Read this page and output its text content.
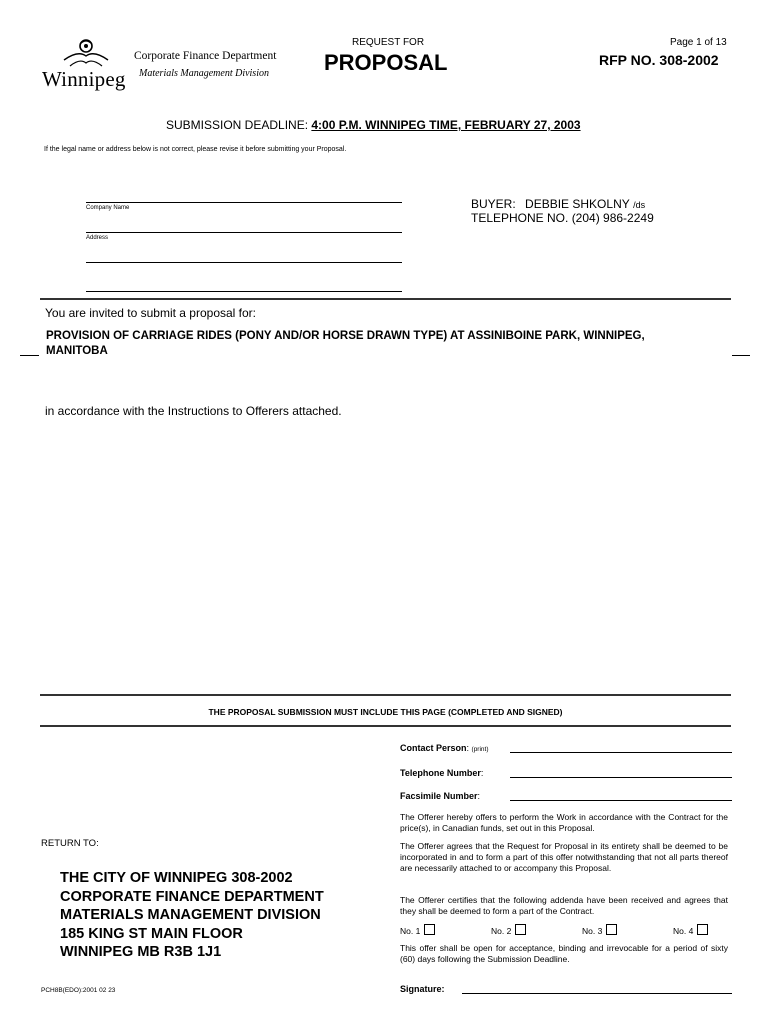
Winnipeg
Corporate Finance Department
Materials Management Division
REQUEST FOR
PROPOSAL
Page 1 of 13
RFP NO. 308-2002
SUBMISSION DEADLINE: 4:00 P.M. WINNIPEG TIME, FEBRUARY 27, 2003
If the legal name or address below is not correct, please revise it before submitting your Proposal.
Company Name
Address
BUYER: DEBBIE SHKOLNY /ds
TELEPHONE NO. (204) 986-2249
You are invited to submit a proposal for:
PROVISION OF CARRIAGE RIDES (PONY AND/OR HORSE DRAWN TYPE) AT ASSINIBOINE PARK, WINNIPEG,
MANITOBA
in accordance with the Instructions to Offerers attached.
THE PROPOSAL SUBMISSION MUST INCLUDE THIS PAGE (COMPLETED AND SIGNED)
Contact Person: (print)
Telephone Number:
Facsimile Number:
The Offerer hereby offers to perform the Work in accordance with the Contract for the price(s), in Canadian funds, set out in this Proposal.
The Offerer agrees that the Request for Proposal in its entirety shall be deemed to be incorporated in and to form a part of this offer notwithstanding that not all parts thereof are necessarily attached to or accompany this Proposal.
The Offerer certifies that the following addenda have been received and agrees that they shall be deemed to form a part of the Contract.
No. 1	No. 2	No. 3	No. 4
This offer shall be open for acceptance, binding and irrevocable for a period of sixty (60) days following the Submission Deadline.
Signature:
RETURN TO:
THE CITY OF WINNIPEG 308-2002
CORPORATE FINANCE DEPARTMENT
MATERIALS MANAGEMENT DIVISION
185 KING ST MAIN FLOOR
WINNIPEG MB R3B 1J1
PCH8B(EDO):2001 02 23
